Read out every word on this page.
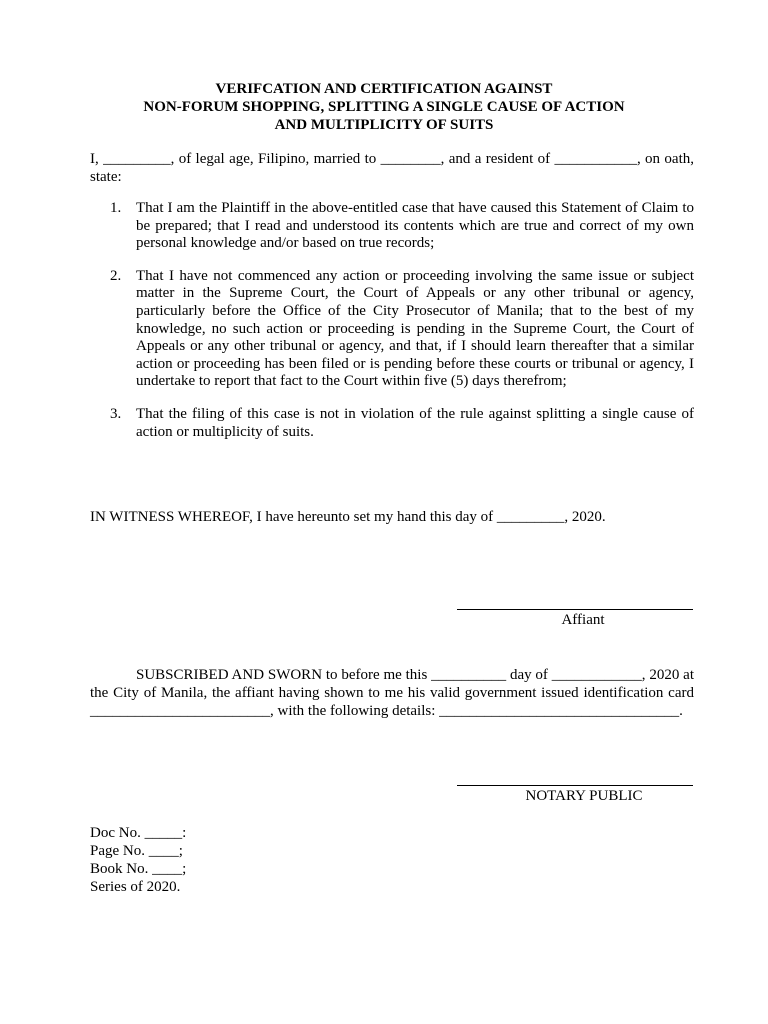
VERIFCATION AND CERTIFICATION AGAINST
NON-FORUM SHOPPING, SPLITTING A SINGLE CAUSE OF ACTION
AND MULTIPLICITY OF SUITS
I, _________, of legal age, Filipino, married to ________, and a resident of ___________, on oath, state:
1. That I am the Plaintiff in the above-entitled case that have caused this Statement of Claim to be prepared; that I read and understood its contents which are true and correct of my own personal knowledge and/or based on true records;
2. That I have not commenced any action or proceeding involving the same issue or subject matter in the Supreme Court, the Court of Appeals or any other tribunal or agency, particularly before the Office of the City Prosecutor of Manila; that to the best of my knowledge, no such action or proceeding is pending in the Supreme Court, the Court of Appeals or any other tribunal or agency, and that, if I should learn thereafter that a similar action or proceeding has been filed or is pending before these courts or tribunal or agency, I undertake to report that fact to the Court within five (5) days therefrom;
3. That the filing of this case is not in violation of the rule against splitting a single cause of action or multiplicity of suits.
IN WITNESS WHEREOF, I have hereunto set my hand this day of _________, 2020.
Affiant
SUBSCRIBED AND SWORN to before me this __________ day of ____________, 2020 at the City of Manila, the affiant having shown to me his valid government issued identification card ________________________, with the following details: ________________________________.
NOTARY PUBLIC
Doc No. _____:
Page No. ____;
Book No. ____;
Series of 2020.
